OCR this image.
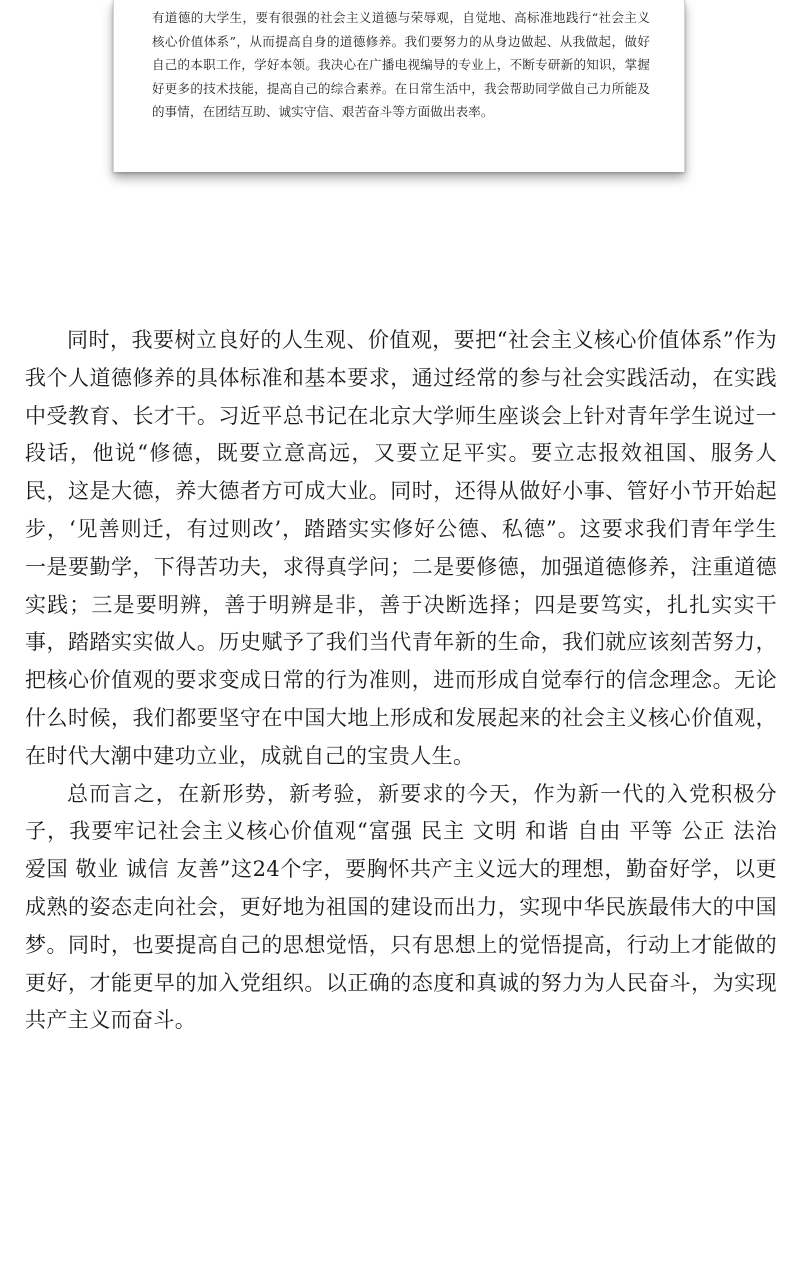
有道德的大学生，要有很强的社会主义道德与荣辱观，自觉地、高标准地践行“社会主义核心价值体系”，从而提高自身的道德修养。我们要努力的从身边做起、从我做起，做好自己的本职工作，学好本领。我决心在广播电视编导的专业上，不断专研新的知识，掌握好更多的技术技能，提高自己的综合素养。在日常生活中，我会帮助同学做自己力所能及的事情，在团结互助、诚实守信、艰苦奋斗等方面做出表率。

同时，我要树立良好的人生观、价值观，要把“社会主义核心价值体系”作为我个人道德修养的具体标准和基本要求，通过经常的参与社会实践活动，在实践中受教育、长才干。习近平总书记在北京大学师生座谈会上针对青年学生说过一段话，他说“修德，既要立意高远，又要立足平实。要立志报效祖国、服务人民，这是大德，养大德者方可成大业。同时，还得从做好小事、管好小节开始起步，‘见善则迁，有过则改’，踏踏实实修好公德、私德”。这要求我们青年学生一是要勤学，下得苦功夫，求得真学问；二是要修德，加强道德修养，注重道德实践；三是要明辨，善于明辨是非，善于决断选择；四是要笃实，扎扎实实干事，踏踏实实做人。历史赋予了我们当代青年新的生命，我们就应该刻苦努力，把核心价值观的要求变成日常的行为准则，进而形成自觉奉行的信念理念。无论什么时候，我们都要坚守在中国大地上形成和发展起来的社会主义核心价值观，在时代大潮中建功立业，成就自己的宝贵人生。

总而言之，在新形势，新考验，新要求的今天，作为新一代的入党积极分子，我要牢记社会主义核心价值观“富强 民主 文明 和谐 自由 平等 公正 法治 爱国 敬业 诚信 友善”这24个字，要胸怀共产主义远大的理想，勤奋好学，以更成熟的姿态走向社会，更好地为祖国的建设而出力，实现中华民族最伟大的中国梦。同时，也要提高自己的思想觉悟，只有思想上的觉悟提高，行动上才能做的更好，才能更早的加入党组织。以正确的态度和真诚的努力为人民奋斗，为实现共产主义而奋斗。
